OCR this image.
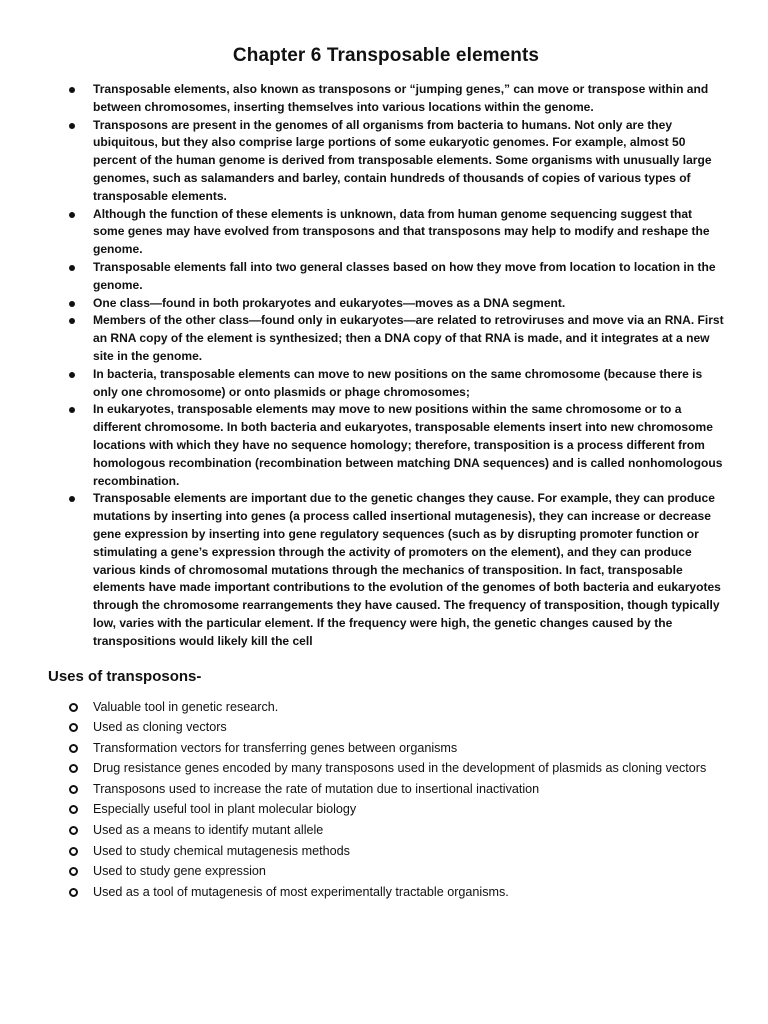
Chapter 6 Transposable elements
Transposable elements, also known as transposons or “jumping genes,” can move or transpose within and between chromosomes, inserting themselves into various locations within the genome.
Transposons are present in the genomes of all organisms from bacteria to humans. Not only are they ubiquitous, but they also comprise large portions of some eukaryotic genomes. For example, almost 50 percent of the human genome is derived from transposable elements. Some organisms with unusually large genomes, such as salamanders and barley, contain hundreds of thousands of copies of various types of transposable elements.
Although the function of these elements is unknown, data from human genome sequencing suggest that some genes may have evolved from transposons and that transposons may help to modify and reshape the genome.
Transposable elements fall into two general classes based on how they move from location to location in the genome.
One class—found in both prokaryotes and eukaryotes—moves as a DNA segment.
Members of the other class—found only in eukaryotes—are related to retroviruses and move via an RNA. First an RNA copy of the element is synthesized; then a DNA copy of that RNA is made, and it integrates at a new site in the genome.
In bacteria, transposable elements can move to new positions on the same chromosome (because there is only one chromosome) or onto plasmids or phage chromosomes;
In eukaryotes, transposable elements may move to new positions within the same chromosome or to a different chromosome. In both bacteria and eukaryotes, transposable elements insert into new chromosome locations with which they have no sequence homology; therefore, transposition is a process different from homologous recombination (recombination between matching DNA sequences) and is called nonhomologous recombination.
Transposable elements are important due to the genetic changes they cause. For example, they can produce mutations by inserting into genes (a process called insertional mutagenesis), they can increase or decrease gene expression by inserting into gene regulatory sequences (such as by disrupting promoter function or stimulating a gene’s expression through the activity of promoters on the element), and they can produce various kinds of chromosomal mutations through the mechanics of transposition. In fact, transposable elements have made important contributions to the evolution of the genomes of both bacteria and eukaryotes through the chromosome rearrangements they have caused. The frequency of transposition, though typically low, varies with the particular element. If the frequency were high, the genetic changes caused by the transpositions would likely kill the cell
Uses of transposons-
Valuable tool in genetic research.
Used as cloning vectors
Transformation vectors for transferring genes between organisms
Drug resistance genes encoded by many transposons used in the development of plasmids as cloning vectors
Transposons used to increase the rate of mutation due to insertional inactivation
Especially useful tool in plant molecular biology
Used as a means to identify mutant allele
Used to study chemical mutagenesis methods
Used to study gene expression
Used as a tool of mutagenesis of most experimentally tractable organisms.
